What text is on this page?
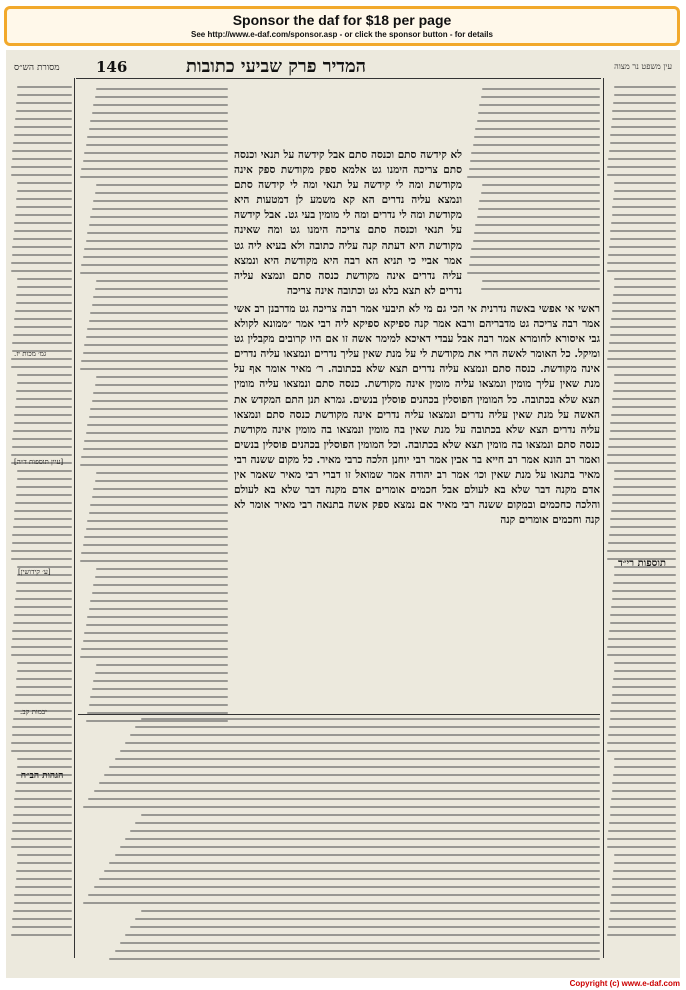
Sponsor the daf for $18 per page
See http://www.e-daf.com/sponsor.asp - or click the sponsor button - for details
מסורת הש״ס	המדיר פרק שביעי כתובות
146	עין משפט נר מצוה
גמ׳ מכות יז.
[עיין תוספות ד״ה]
[ע׳ קידושין]
יבמות קב.
תוספות רי״ד
הגהות הב״ח
לא קידשה סתם וכנסה סתם אבל קידשה על תנאי וכנסה סתם צריכה הימנו גט אלמא ספק מקודשת ספק אינה מקודשת ומה לי קידשה על תנאי ומה לי קידשה סתם ונמצא עליה נדרים הא קא משמע לן דמטעות היא מקודשת ומה לי נדרים ומה לי מומין בעי גט. אבל קידשה על תנאי וכנסה סתם צריכה הימנו גט ומה שאינה מקודשת היא דעתה קנה עליה כתובה ולא בעיא ליה גט אמר אביי כי תניא הא רבה היא מקודשת היא ונמצא עליה נדרים אינה מקודשת כנסה סתם ונמצא עליה נדרים לא תצא בלא גט וכתובה אינה צריכה
ראשי אי אפשי באשה נדרנית אי הכי גם מי לא תיבעי אמר רבה צריכה גט מדרבנן רב אשי אמר רבה צריכה גט מדבריהם ורבא אמר קנה ספיקא ספיקא ליה רבי אמר ״ממונא לקולא גבי איסורא לחומרא אמר רבה אבל עבדי דאיכא למימר אשה זו אם היו קרובים מקבלין גט ומיקל. כל האומר לאשה הרי את מקודשת לי על מנת שאין עליך נדרים ונמצאו עליה נדרים אינה מקודשת. כנסה סתם ונמצא עליה נדרים תצא שלא בכתובה. ר׳ מאיר אומר אף על מנת שאין עליך מומין ונמצאו עליה מומין אינה מקודשת. כנסה סתם ונמצאו עליה מומין תצא שלא בכתובה. כל המומין הפוסלין בכהנים פוסלין בנשים. גמרא תנן התם המקדש את האשה על מנת שאין עליה נדרים ונמצאו עליה נדרים אינה מקודשת כנסה סתם ונמצאו עליה נדרים תצא שלא בכתובה על מנת שאין בה מומין ונמצאו בה מומין אינה מקודשת כנסה סתם ונמצאו בה מומין תצא שלא בכתובה. וכל המומין הפוסלין בכהנים פוסלין בנשים ואמר רב הונא אמר רב חייא בר אבין אמר רבי יוחנן הלכה כרבי מאיר. כל מקום ששנה רבי מאיר בתנאו על מנת שאין וכו׳ אמר רב יהודה אמר שמואל זו דברי רבי מאיר שאמר אין אדם מקנה דבר שלא בא לעולם אבל חכמים אומרים אדם מקנה דבר שלא בא לעולם והלכה כחכמים ובמקום ששנה רבי מאיר אם נמצא ספק אשה בתנאה רבי מאיר אומר לא קנה וחכמים אומרים קנה
Copyright (c) www.e-daf.com
